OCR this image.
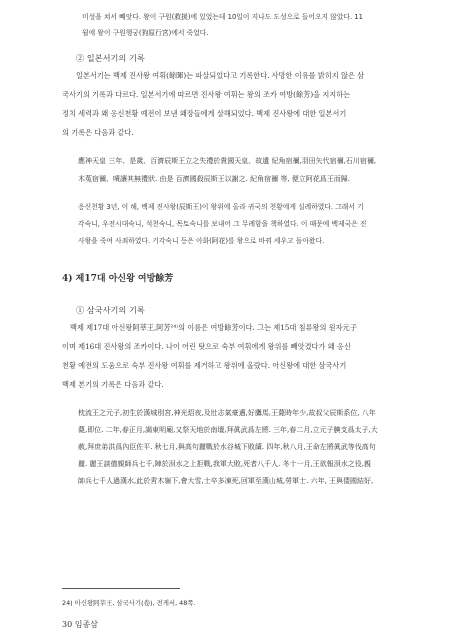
미성을 쳐서 빼앗다. 왕이 구원(救援)에 있었는데 10일이 지나도 도성으로 들어오지 않았다. 11

월에 왕이 구원행궁(狗原行宮)에서 죽었다.

② 일본서기의 기록

일본서기는 백제 진사왕 여휘(餘暉)는 파살되었다고 기록한다. 사망한 이유를 밝히지 않은 삼

국사기의 기록과 다르다. 일본서기에 따르면 진사왕 여휘는 왕의 조카 여방(餘芳)을 지지하는

정치 세력과 왜 응신천황 예전이 보낸 왜장들에게 살해되었다. 백제 진사왕에 대한 일본서기

의 기록은 다음과 같다.

應神天皇 三年、是歲、百濟辰斯王立之失禮於貴國天皇、故遺 紀角宿禰,羽田矢代宿禰,石川宿禰,

木菟宿禰、嘖讓其無禮狀. 由是 百濟國殺辰斯王以謝之. 紀角宿禰 等, 便立阿花爲王而歸.

응신천황 3년, 이 해, 백제 진사왕(辰斯王)이 왕위에 올라 귀국의 천황에게 실례하였다. 그래서 기

각숙니, 우전시대숙니, 석천숙니, 목토숙니를 보내어 그 무례함을 책하였다. 이 때문에 백제국은 진

사왕을 죽여 사죄하였다. 기각숙니 등은 아화(阿花)를 왕으로 바꿔 세우고 돌아왔다.

4) 제17대 아신왕 여방餘芳

① 삼국사기의 기록

백제 제17대 아신왕阿莘王,阿芳²⁴⁾의 이름은 여방餘芳이다. 그는 제15대 침류왕의 원자元子

이며 제16대 진사왕의 조카이다. 나이 어린 탓으로 숙부 여휘에게 왕위를 빼앗겼다가 왜 응신

천황 예전의 도움으로 숙부 진사왕 여휘를 제거하고 왕위에 올랐다. 아신왕에 대한 삼국사기

백제 본기의 기록은 다음과 같다.

枕流王之元子,初生於漢城別宮,神光炤夜,及壯志氣豪邁,好鷹馬,王薨時年少,故叔父辰斯系位, 八年

薨,即位. 二年,春正月,謁東明廟,又祭天地於南壇,拜眞武爲左將. 三年,春二月,立元子腆支爲太子,大

赦,拜庶弟洪爲內臣佐平. 秋七月,與高句麗戰於水谷城下敗績. 四年,秋八月,王命左將眞武等伐高句

麗. 麗王談德親師兵七千,陣於浿水之上拒戰,我軍大敗,死者八千人. 冬十一月,王欲報浿水之役,親

帥兵七千人過漢水,此於靑木嶺下,會大雪,士卒多凍死,回軍至漢山城,勞軍士. 六年, 王與倭國結好,

24) 아신왕阿莘王, 삼국사기(卷), 전게서, 48쪽.

30 임종삼
